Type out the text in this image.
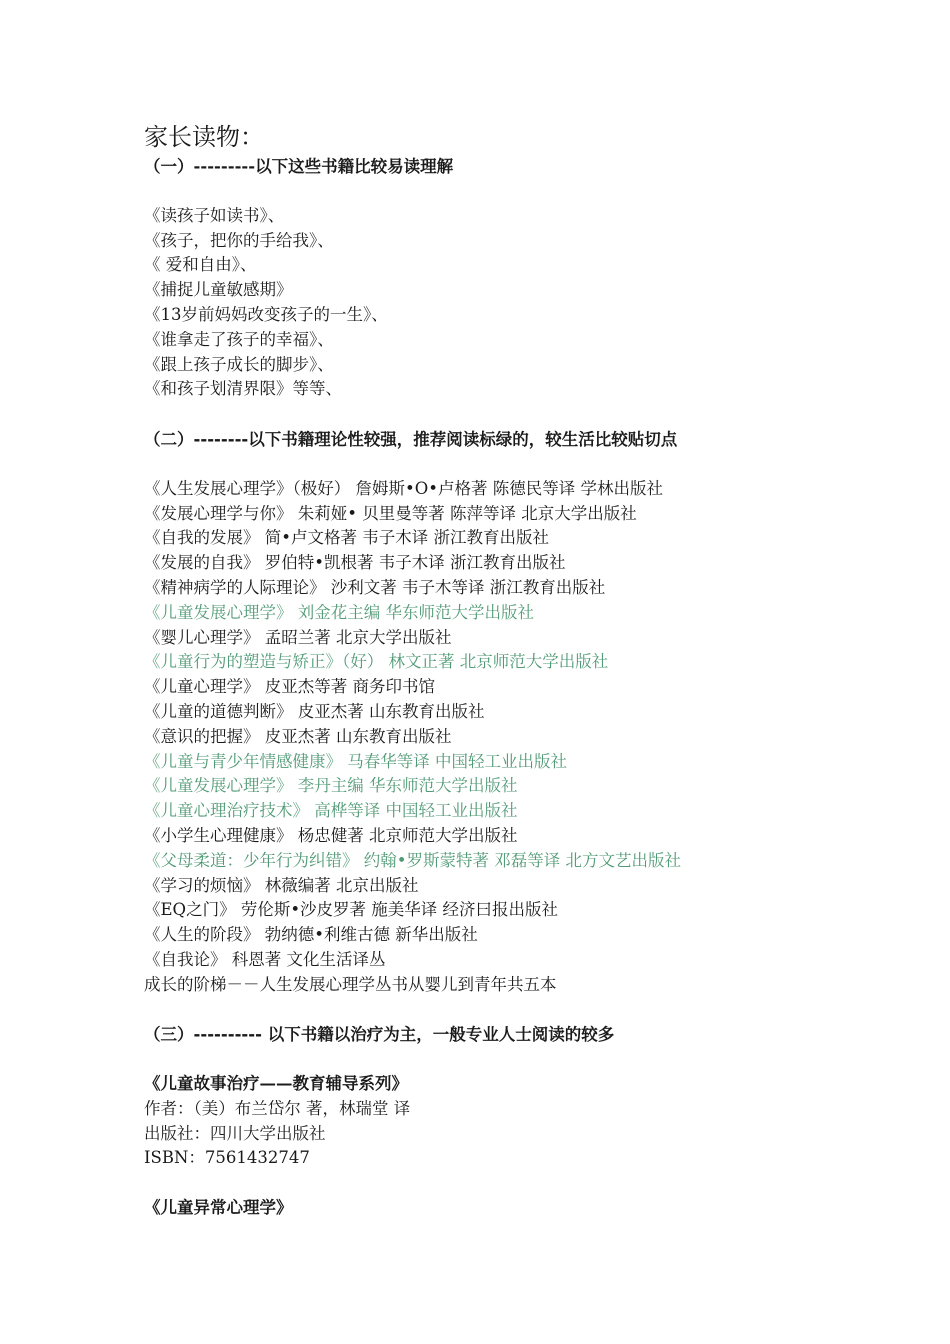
家长读物：
（一）---------以下这些书籍比较易读理解
《读孩子如读书》、
《孩子，把你的手给我》、
《 爱和自由》、
《捕捉儿童敏感期》
《13岁前妈妈改变孩子的一生》、
《谁拿走了孩子的幸福》、
《跟上孩子成长的脚步》、
《和孩子划清界限》等等、
（二）--------以下书籍理论性较强，推荐阅读标绿的，较生活比较贴切点
《人生发展心理学》（极好） 詹姆斯•O•卢格著 陈德民等译 学林出版社
《发展心理学与你》 朱莉娅• 贝里曼等著 陈萍等译 北京大学出版社
《自我的发展》 简•卢文格著 韦子木译 浙江教育出版社
《发展的自我》 罗伯特•凯根著 韦子木译 浙江教育出版社
《精神病学的人际理论》 沙利文著 韦子木等译 浙江教育出版社
《儿童发展心理学》 刘金花主编 华东师范大学出版社
《婴儿心理学》 孟昭兰著 北京大学出版社
《儿童行为的塑造与矫正》（好） 林文正著 北京师范大学出版社
《儿童心理学》 皮亚杰等著 商务印书馆
《儿童的道德判断》 皮亚杰著 山东教育出版社
《意识的把握》 皮亚杰著 山东教育出版社
《儿童与青少年情感健康》 马春华等译 中国轻工业出版社
《儿童发展心理学》 李丹主编 华东师范大学出版社
《儿童心理治疗技术》 高桦等译 中国轻工业出版社
《小学生心理健康》 杨忠健著 北京师范大学出版社
《父母柔道：少年行为纠错》 约翰•罗斯蒙特著 邓磊等译 北方文艺出版社
《学习的烦恼》 林薇编著 北京出版社
《EQ之门》 劳伦斯•沙皮罗著 施美华译 经济曰报出版社
《人生的阶段》 勃纳德•利维古德 新华出版社
《自我论》 科恩著 文化生活译丛
成长的阶梯－－人生发展心理学丛书从婴儿到青年共五本
（三）---------- 以下书籍以治疗为主，一般专业人士阅读的较多
《儿童故事治疗——教育辅导系列》
作者：（美）布兰岱尔 著，林瑞堂 译
出版社：四川大学出版社
ISBN：7561432747
《儿童异常心理学》
